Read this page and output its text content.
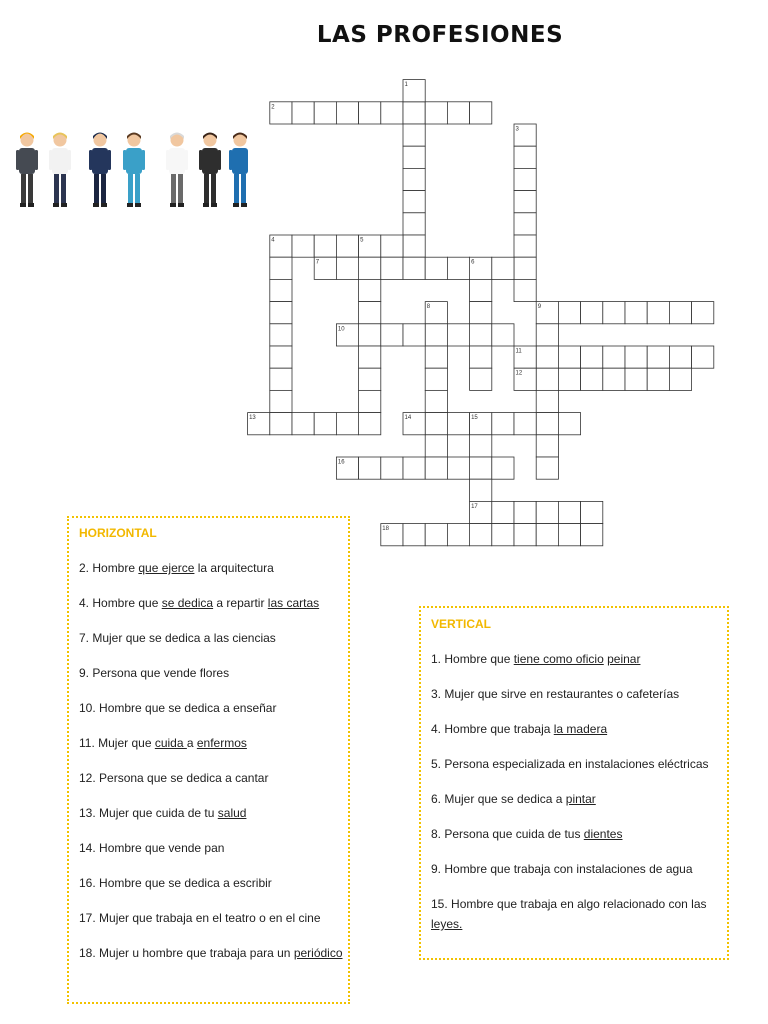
LAS PROFESIONES
1
2
3
4	5
6
7
8	9
10
11
12
13	14	15
16
17
18
HORIZONTAL
2. Hombre que ejerce la arquitectura
4. Hombre que se dedica a repartir las cartas
7. Mujer que se dedica a las ciencias
9. Persona que vende flores
10. Hombre que se dedica a enseñar
11. Mujer que cuida a enfermos
12. Persona que se dedica a cantar
13. Mujer que cuida de tu salud
14. Hombre que vende pan
16. Hombre que se dedica a escribir
17. Mujer que trabaja en el teatro o en el cine
18. Mujer u hombre que trabaja para un periódico
VERTICAL
1. Hombre que tiene como oficio peinar
3. Mujer que sirve en restaurantes o cafeterías
4. Hombre que trabaja la madera
5. Persona especializada en instalaciones eléctricas
6. Mujer que se dedica a pintar
8. Persona que cuida de tus dientes
9. Hombre que trabaja con instalaciones de agua
15. Hombre que trabaja en algo relacionado con las
leyes.
